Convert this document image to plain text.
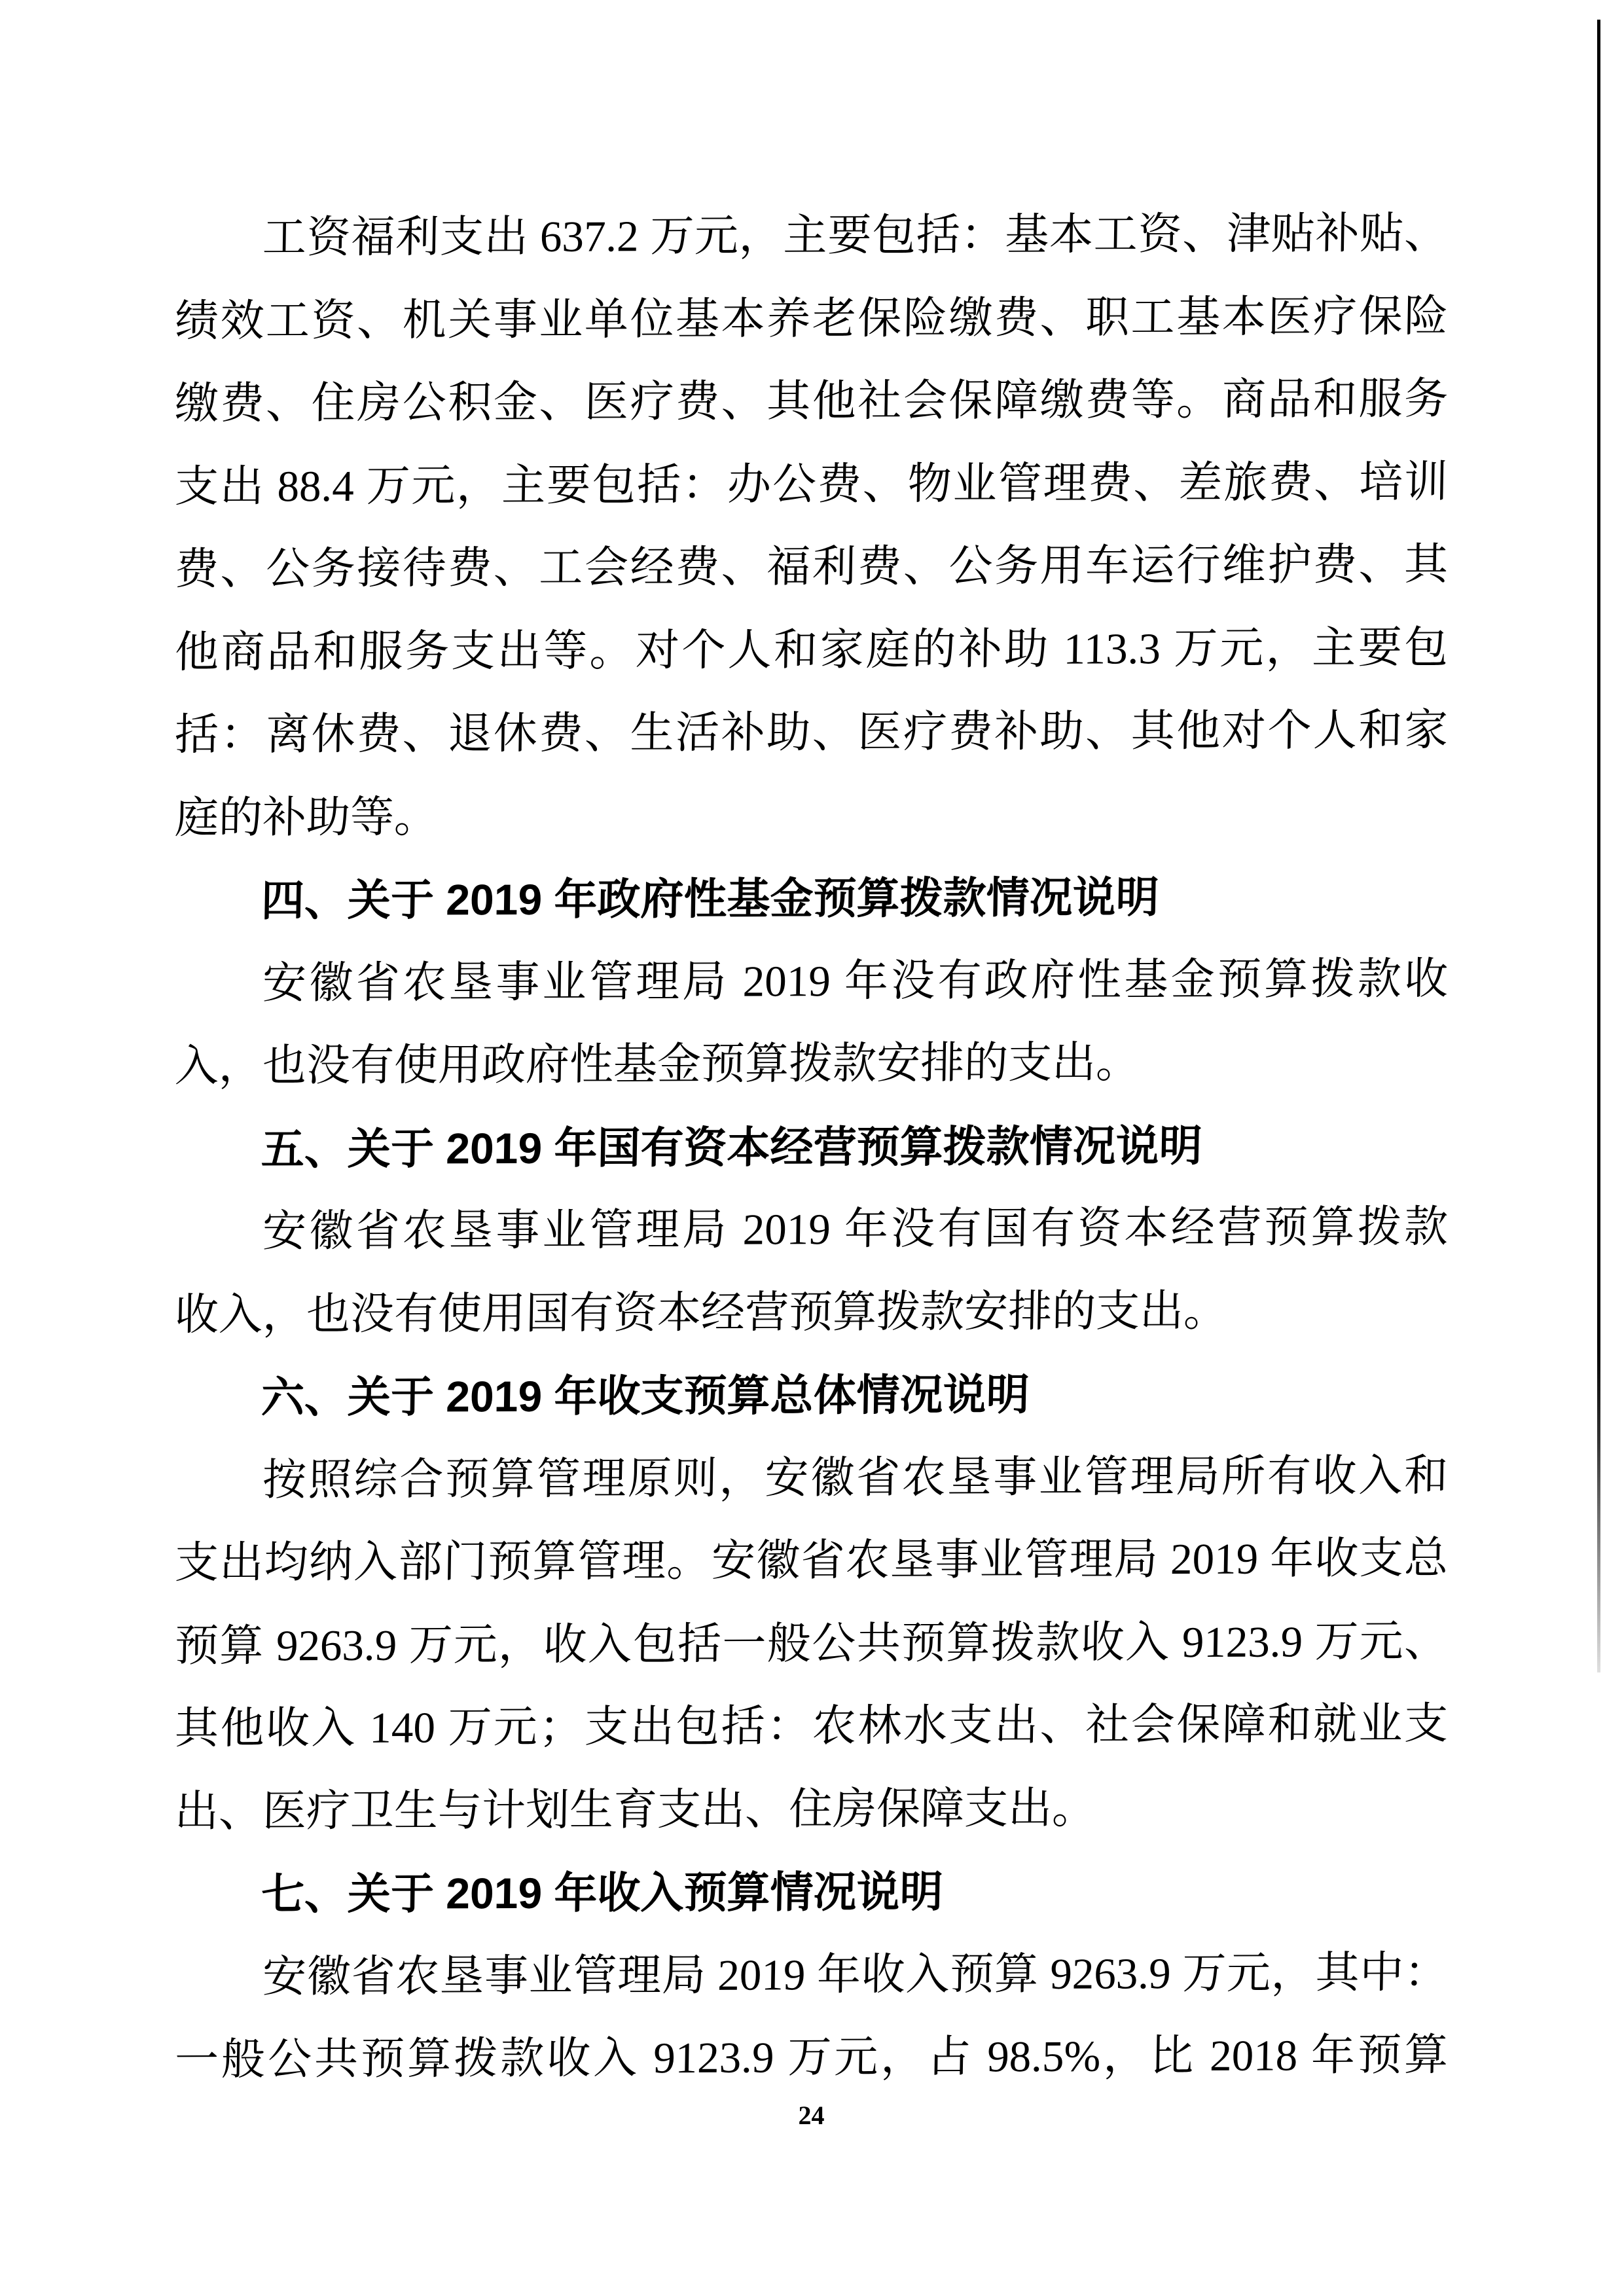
工资福利支出 637.2 万元，主要包括：基本工资、津贴补贴、
绩效工资、机关事业单位基本养老保险缴费、职工基本医疗保险
缴费、住房公积金、医疗费、其他社会保障缴费等。商品和服务
支出 88.4 万元，主要包括：办公费、物业管理费、差旅费、培训
费、公务接待费、工会经费、福利费、公务用车运行维护费、其
他商品和服务支出等。对个人和家庭的补助 113.3 万元，主要包
括：离休费、退休费、生活补助、医疗费补助、其他对个人和家
庭的补助等。
四、关于 2019 年政府性基金预算拨款情况说明
安徽省农垦事业管理局 2019 年没有政府性基金预算拨款收
入，也没有使用政府性基金预算拨款安排的支出。
五、关于 2019 年国有资本经营预算拨款情况说明
安徽省农垦事业管理局 2019 年没有国有资本经营预算拨款
收入，也没有使用国有资本经营预算拨款安排的支出。
六、关于 2019 年收支预算总体情况说明
按照综合预算管理原则，安徽省农垦事业管理局所有收入和
支出均纳入部门预算管理。安徽省农垦事业管理局 2019 年收支总
预算 9263.9 万元，收入包括一般公共预算拨款收入 9123.9 万元、
其他收入 140 万元；支出包括：农林水支出、社会保障和就业支
出、医疗卫生与计划生育支出、住房保障支出。
七、关于 2019 年收入预算情况说明
安徽省农垦事业管理局 2019 年收入预算 9263.9 万元，其中：
一般公共预算拨款收入 9123.9 万元，占 98.5%，比 2018 年预算
24
